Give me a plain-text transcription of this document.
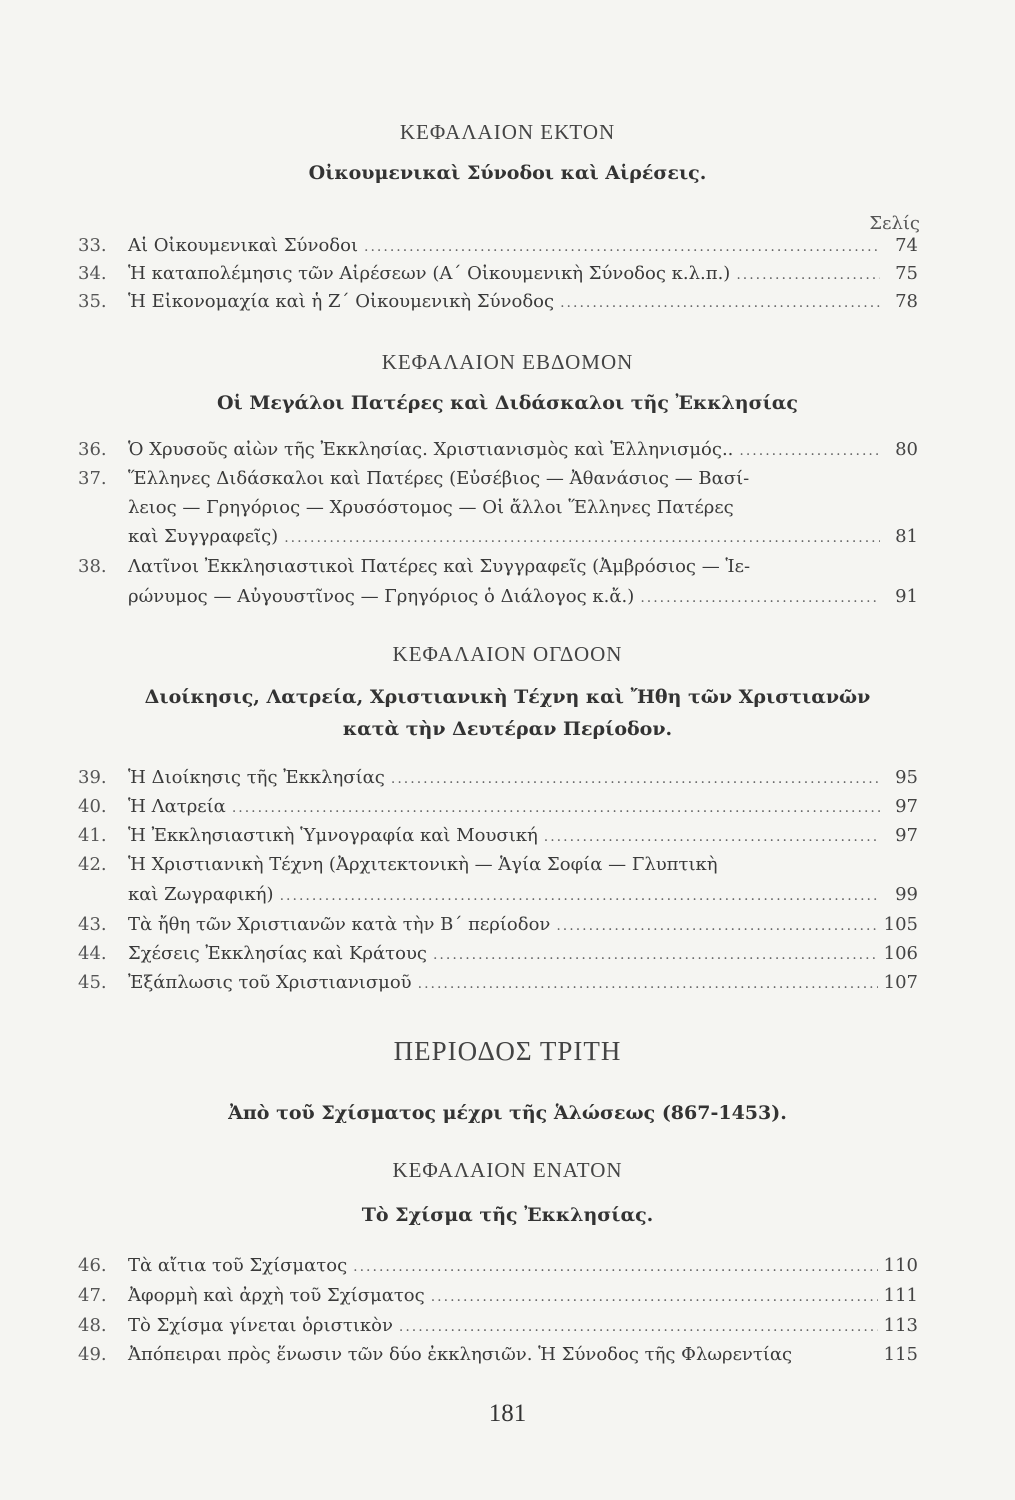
ΚΕΦΑΛΑΙΟΝ ΕΚΤΟΝ
Οἰκουμενικαὶ Σύνοδοι καὶ Αἱρέσεις.
Σελίς
33.	Αἱ Οἰκουμενικαὶ Σύνοδοι .....	74
34.	Ἡ καταπολέμησις τῶν Αἱρέσεων (Α΄ Οἰκουμενικὴ Σύνοδος κ.λ.π.) .....	75
35.	Ἡ Εἰκονομαχία καὶ ἡ Ζ΄ Οἰκουμενικὴ Σύνοδος .....	78
ΚΕΦΑΛΑΙΟΝ ΕΒΔΟΜΟΝ
Οἱ Μεγάλοι Πατέρες καὶ Διδάσκαλοι τῆς Ἐκκλησίας
36.	Ὁ Χρυσοῦς αἰὼν τῆς Ἐκκλησίας. Χριστιανισμὸς καὶ Ἑλληνισμός.. .....	80
37.	Ἕλληνες Διδάσκαλοι καὶ Πατέρες (Εὐσέβιος — Ἀθανάσιος — Βασί-
λειος — Γρηγόριος — Χρυσόστομος — Οἱ ἄλλοι Ἕλληνες Πατέρες
καὶ Συγγραφεῖς) .....	81
38.	Λατῖνοι Ἐκκλησιαστικοὶ Πατέρες καὶ Συγγραφεῖς (Ἀμβρόσιος — Ἱε-
ρώνυμος — Αὐγουστῖνος — Γρηγόριος ὁ Διάλογος κ.ἄ.) .....	91
ΚΕΦΑΛΑΙΟΝ ΟΓΔΟΟΝ
Διοίκησις, Λατρεία, Χριστιανικὴ Τέχνη καὶ Ἤθη τῶν Χριστιανῶν
κατὰ τὴν Δευτέραν Περίοδον.
39.	Ἡ Διοίκησις τῆς Ἐκκλησίας .....	95
40.	Ἡ Λατρεία .....	97
41.	Ἡ Ἐκκλησιαστικὴ Ὑμνογραφία καὶ Μουσική .....	97
42.	Ἡ Χριστιανικὴ Τέχνη (Ἀρχιτεκτονικὴ — Ἁγία Σοφία — Γλυπτικὴ
καὶ Ζωγραφική) .....	99
43.	Τὰ ἤθη τῶν Χριστιανῶν κατὰ τὴν Β΄ περίοδον .....	105
44.	Σχέσεις Ἐκκλησίας καὶ Κράτους .....	106
45.	Ἐξάπλωσις τοῦ Χριστιανισμοῦ .....	107
ΠΕΡΙΟΔΟΣ ΤΡΙΤΗ
Ἀπὸ τοῦ Σχίσματος μέχρι τῆς Ἁλώσεως (867-1453).
ΚΕΦΑΛΑΙΟΝ ΕΝΑΤΟΝ
Τὸ Σχίσμα τῆς Ἐκκλησίας.
46.	Τὰ αἴτια τοῦ Σχίσματος .....	110
47.	Ἀφορμὴ καὶ ἀρχὴ τοῦ Σχίσματος .....	111
48.	Τὸ Σχίσμα γίνεται ὁριστικὸν .....	113
49.	Ἀπόπειραι πρὸς ἕνωσιν τῶν δύο ἐκκλησιῶν. Ἡ Σύνοδος τῆς Φλωρεντίας	115
181
